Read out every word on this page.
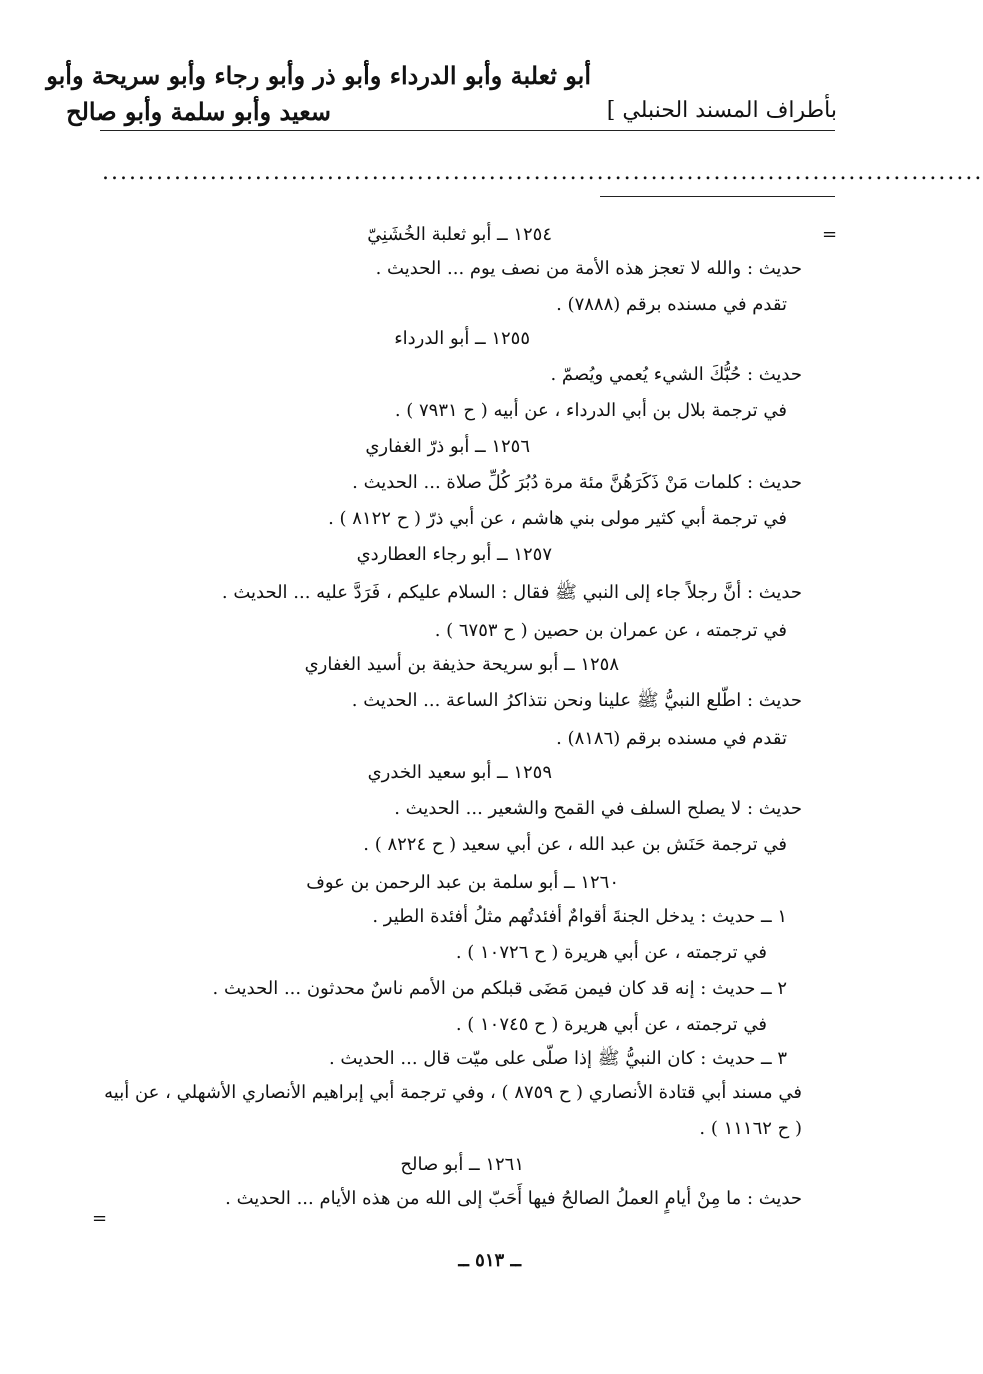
أبو ثعلبة وأبو الدرداء وأبو ذر وأبو رجاء وأبو سريحة وأبو
سعيد وأبو سلمة وأبو صالح	بأطراف المسند الحنبلي ]
..................................................................................................
=
=
١٢٥٤ ــ أبو ثعلبة الخُشَنِيّ
حديث : والله لا تعجز هذه الأمة من نصف يوم ... الحديث .
تقدم في مسنده برقم (٧٨٨٨) .
١٢٥٥ ــ أبو الدرداء
حديث : حُبُّكَ الشيء يُعمي ويُصمّ .
في ترجمة بلال بن أبي الدرداء ، عن أبيه ( ح ٧٩٣١ ) .
١٢٥٦ ــ أبو ذرّ الغفاري
حديث : كلمات مَنْ ذَكَرَهُنَّ مئة مرة دُبُرَ كُلِّ صلاة ... الحديث .
في ترجمة أبي كثير مولى بني هاشم ، عن أبي ذرّ ( ح ٨١٢٢ ) .
١٢٥٧ ــ أبو رجاء العطاردي
حديث : أنَّ رجلاً جاء إلى النبي ﷺ فقال : السلام عليكم ، فَرَدَّ عليه ... الحديث .
في ترجمته ، عن عمران بن حصين ( ح ٦٧٥٣ ) .
١٢٥٨ ــ أبو سريحة حذيفة بن أسيد الغفاري
حديث : اطّلع النبيُّ ﷺ علينا ونحن نتذاكرُ الساعة ... الحديث .
تقدم في مسنده برقم (٨١٨٦) .
١٢٥٩ ــ أبو سعيد الخدري
حديث : لا يصلح السلف في القمح والشعير ... الحديث .
في ترجمة حَنَش بن عبد الله ، عن أبي سعيد ( ح ٨٢٢٤ ) .
١٢٦٠ ــ أبو سلمة بن عبد الرحمن بن عوف
١ ــ حديث : يدخل الجنةَ أقوامٌ أفئدتُهم مثلُ أفئدة الطير .
في ترجمته ، عن أبي هريرة ( ح ١٠٧٢٦ ) .
٢ ــ حديث : إنه قد كان فيمن مَضَى قبلكم من الأمم ناسٌ محدثون ... الحديث .
في ترجمته ، عن أبي هريرة ( ح ١٠٧٤٥ ) .
٣ ــ حديث : كان النبيُّ ﷺ إذا صلّى على ميّت قال ... الحديث .
في مسند أبي قتادة الأنصاري ( ح ٨٧٥٩ ) ، وفي ترجمة أبي إبراهيم الأنصاري الأشهلي ، عن أبيه
( ح ١١١٦٢ ) .
١٢٦١ ــ أبو صالح
حديث : ما مِنْ أيامٍ العملُ الصالحُ فيها أَحَبّ إلى الله من هذه الأيام ... الحديث .
ــ ٥١٣ ــ
